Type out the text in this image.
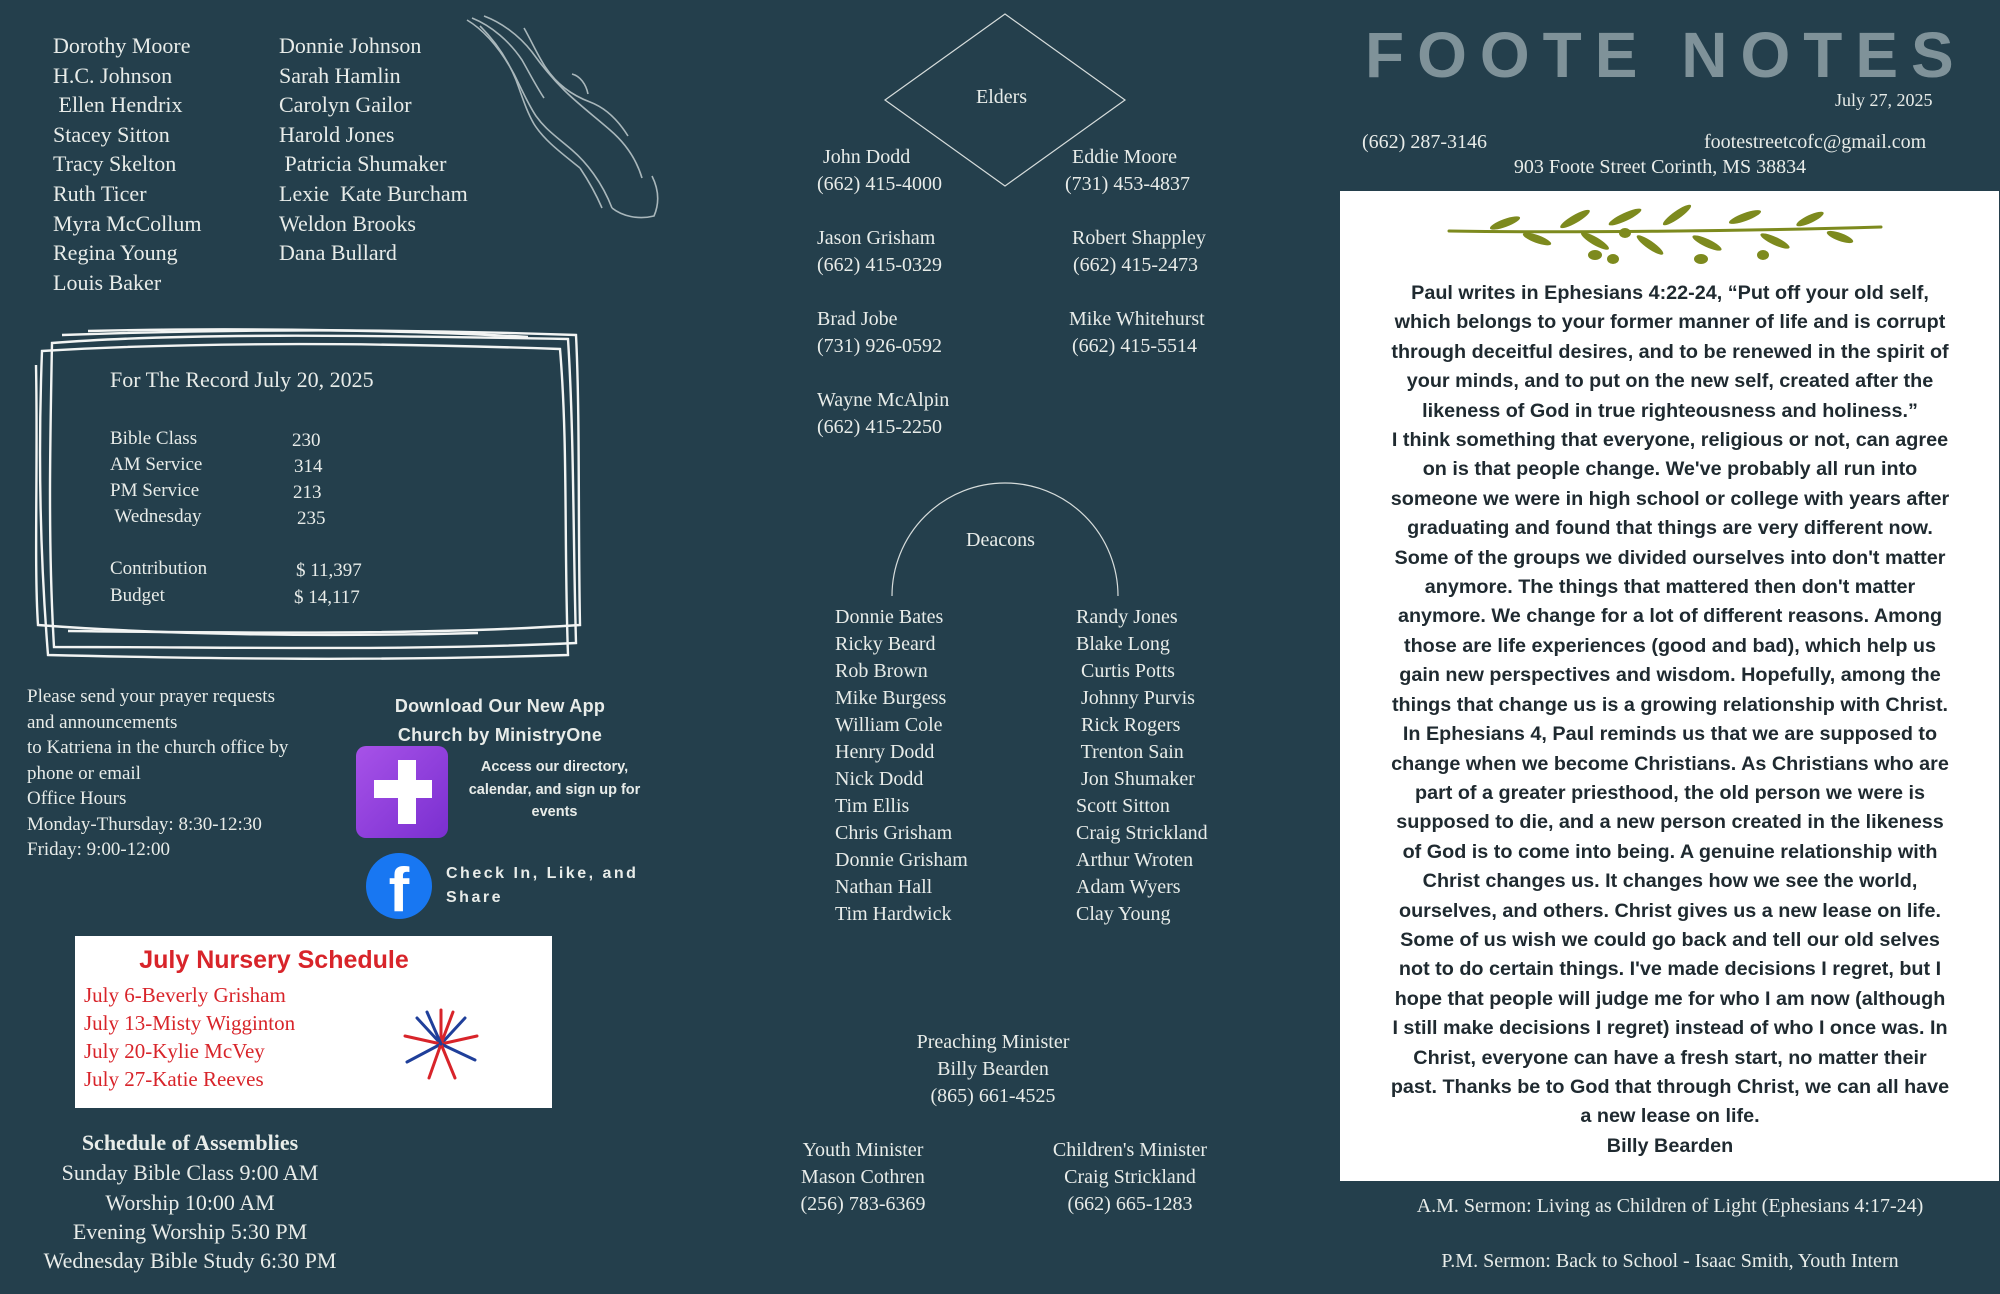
Dorothy Moore
H.C. Johnson
Ellen Hendrix
Stacey Sitton
Tracy Skelton
Ruth Ticer
Myra McCollum
Regina Young
Louis Baker
Donnie Johnson
Sarah Hamlin
Carolyn Gailor
Harold Jones
Patricia Shumaker
Lexie  Kate Burcham
Weldon Brooks
Dana Bullard
For The Record July 20, 2025
Bible Class	230
AM Service	314
PM Service	213
Wednesday	235
Contribution	$ 11,397
Budget	$ 14,117
Please send your prayer requests
and announcements
to Katriena in the church office by
phone or email
Office Hours
Monday-Thursday: 8:30-12:30
Friday: 9:00-12:00
Download Our New App
Church by MinistryOne
Access our directory, calendar, and sign up for events
f	Check In, Like, and
Share
July Nursery Schedule
July 6-Beverly Grisham
July 13-Misty Wigginton
July 20-Kylie McVey
July 27-Katie Reeves
Schedule of Assemblies
Sunday Bible Class 9:00 AM
Worship 10:00 AM
Evening Worship 5:30 PM
Wednesday Bible Study 6:30 PM
Elders
John Dodd
(662) 415-4000
Eddie Moore
(731) 453-4837
Jason Grisham
(662) 415-0329
Robert Shappley
(662) 415-2473
Brad Jobe
(731) 926-0592
Mike Whitehurst
(662) 415-5514
Wayne McAlpin
(662) 415-2250
Deacons
Donnie Bates
Ricky Beard
Rob Brown
Mike Burgess
William Cole
Henry Dodd
Nick Dodd
Tim Ellis
Chris Grisham
Donnie Grisham
Nathan Hall
Tim Hardwick
Randy Jones
Blake Long
Curtis Potts
Johnny Purvis
Rick Rogers
Trenton Sain
Jon Shumaker
Scott Sitton
Craig Strickland
Arthur Wroten
Adam Wyers
Clay Young
Preaching Minister
Billy Bearden
(865) 661-4525
Youth Minister
Mason Cothren
(256) 783-6369
Children's Minister
Craig Strickland
(662) 665-1283
FOOTE NOTES
July 27, 2025
(662) 287-3146	footestreetcofc@gmail.com
903 Foote Street Corinth, MS 38834
Paul writes in Ephesians 4:22-24, “Put off your old self,
which belongs to your former manner of life and is corrupt
through deceitful desires, and to be renewed in the spirit of
your minds, and to put on the new self, created after the
likeness of God in true righteousness and holiness.”
I think something that everyone, religious or not, can agree
on is that people change. We've probably all run into
someone we were in high school or college with years after
graduating and found that things are very different now.
Some of the groups we divided ourselves into don't matter
anymore. The things that mattered then don't matter
anymore. We change for a lot of different reasons. Among
those are life experiences (good and bad), which help us
gain new perspectives and wisdom. Hopefully, among the
things that change us is a growing relationship with Christ.
In Ephesians 4, Paul reminds us that we are supposed to
change when we become Christians. As Christians who are
part of a greater priesthood, the old person we were is
supposed to die, and a new person created in the likeness
of God is to come into being. A genuine relationship with
Christ changes us. It changes how we see the world,
ourselves, and others. Christ gives us a new lease on life.
Some of us wish we could go back and tell our old selves
not to do certain things. I've made decisions I regret, but I
hope that people will judge me for who I am now (although
I still make decisions I regret) instead of who I once was. In
Christ, everyone can have a fresh start, no matter their
past. Thanks be to God that through Christ, we can all have
a new lease on life.
Billy Bearden
A.M. Sermon: Living as Children of Light (Ephesians 4:17-24)
P.M. Sermon: Back to School - Isaac Smith, Youth Intern
